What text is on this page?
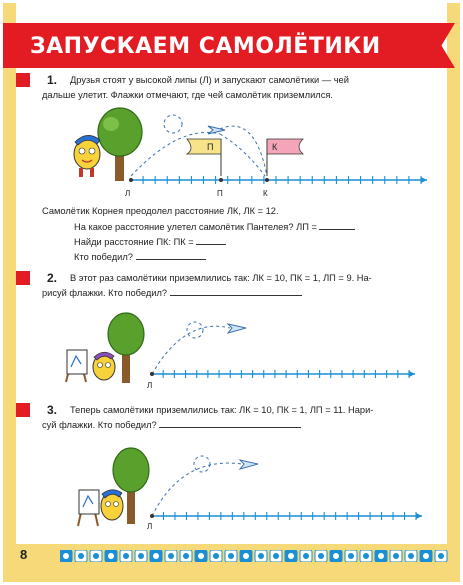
ЗАПУСКАЕМ САМОЛЁТИКИ
1.	Друзья стоят у высокой липы (Л) и запускают самолётики — чей
дальше улетит. Флажки отмечают, где чей самолётик приземлился.
П	К
Л	П	К
Самолётик Корнея преодолел расстояние ЛК, ЛК = 12.
На какое расстояние улетел самолётик Пантелея? ЛП =
Найди расстояние ПК: ПК =
Кто победил?
2.	В этот раз самолётики приземлились так: ЛК = 10, ПК = 1, ЛП = 9. На-
рисуй флажки. Кто победил?
Л
3.	Теперь самолётики приземлились так: ЛК = 10, ПК = 1, ЛП = 11. Нари-
суй флажки. Кто победил?
Л
8
